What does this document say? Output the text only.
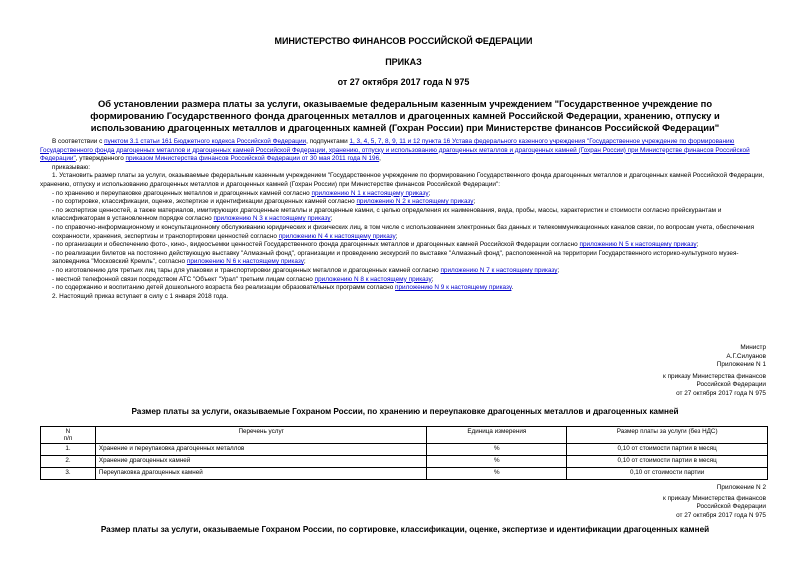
МИНИСТЕРСТВО ФИНАНСОВ РОССИЙСКОЙ ФЕДЕРАЦИИ
ПРИКАЗ
от 27 октября 2017 года N 975
Об установлении размера платы за услуги, оказываемые федеральным казенным учреждением "Государственное учреждение по формированию Государственного фонда драгоценных металлов и драгоценных камней Российской Федерации, хранению, отпуску и использованию драгоценных металлов и драгоценных камней (Гохран России) при Министерстве финансов Российской Федерации"

В соответствии с пунктом 3.1 статьи 161 Бюджетного кодекса Российской Федерации, подпунктами 1, 3, 4, 5, 7, 8, 9, 11 и 12 пункта 16 Устава федерального казенного учреждения "Государственное учреждение по формированию Государственного фонда драгоценных металлов и драгоценных камней Российской Федерации, хранению, отпуску и использованию драгоценных металлов и драгоценных камней (Гохран России) при Министерстве финансов Российской Федерации", утвержденного приказом Министерства финансов Российской Федерации от 30 мая 2011 года N 196,

приказываю:

1. Установить размер платы за услуги, оказываемые федеральным казенным учреждением "Государственное учреждение по формированию Государственного фонда драгоценных металлов и драгоценных камней Российской Федерации, хранению, отпуску и использованию драгоценных металлов и драгоценных камней (Гохран России) при Министерстве финансов Российской Федерации":

- по хранению и переупаковке драгоценных металлов и драгоценных камней согласно приложению N 1 к настоящему приказу;

- по сортировке, классификации, оценке, экспертизе и идентификации драгоценных камней согласно приложению N 2 к настоящему приказу;

- по экспертизе ценностей, а также материалов, имитирующих драгоценные металлы и драгоценные камни, с целью определения их наименования, вида, пробы, массы, характеристик и стоимости согласно прейскурантам и классификаторам в установленном порядке согласно приложению N 3 к настоящему приказу;

- по справочно-информационному и консультационному обслуживанию юридических и физических лиц, в том числе с использованием электронных баз данных и телекоммуникационных каналов связи, по вопросам учета, обеспечения сохранности, хранения, экспертизы и транспортировки ценностей согласно приложению N 4 к настоящему приказу;

- по организации и обеспечению фото-, кино-, видеосъемки ценностей Государственного фонда драгоценных металлов и драгоценных камней Российской Федерации согласно приложению N 5 к настоящему приказу;

- по реализации билетов на постоянно действующую выставку "Алмазный фонд", организации и проведению экскурсий по выставке "Алмазный фонд", расположенной на территории Государственного историко-культурного музея-заповедника "Московский Кремль", согласно приложению N 6 к настоящему приказу;

- по изготовлению для третьих лиц тары для упаковки и транспортировки драгоценных металлов и драгоценных камней согласно приложению N 7 к настоящему приказу;

- местной телефонной связи посредством АТС "Объект "Урал" третьим лицам согласно приложению N 8 к настоящему приказу;

- по содержанию и воспитанию детей дошкольного возраста без реализации образовательных программ согласно приложению N 9 к настоящему приказу.

2. Настоящий приказ вступает в силу с 1 января 2018 года.

Министр

А.Г.Силуанов

Приложение N 1

к приказу Министерства финансов

Российской Федерации

от 27 октября 2017 года N 975

Размер платы за услуги, оказываемые Гохраном России, по хранению и переупаковке драгоценных металлов и драгоценных камней
N
п/п	Перечень услуг	Единица измерения	Размер платы за услуги (без НДС)
1.	Хранение и переупаковка драгоценных металлов	%	0,10 от стоимости партии в месяц
2.	Хранение драгоценных камней	%	0,10 от стоимости партии в месяц
3.	Переупаковка драгоценных камней	%	0,10 от стоимости партии

Приложение N 2

к приказу Министерства финансов

Российской Федерации

от 27 октября 2017 года N 975

Размер платы за услуги, оказываемые Гохраном России, по сортировке, классификации, оценке, экспертизе и идентификации драгоценных камней
